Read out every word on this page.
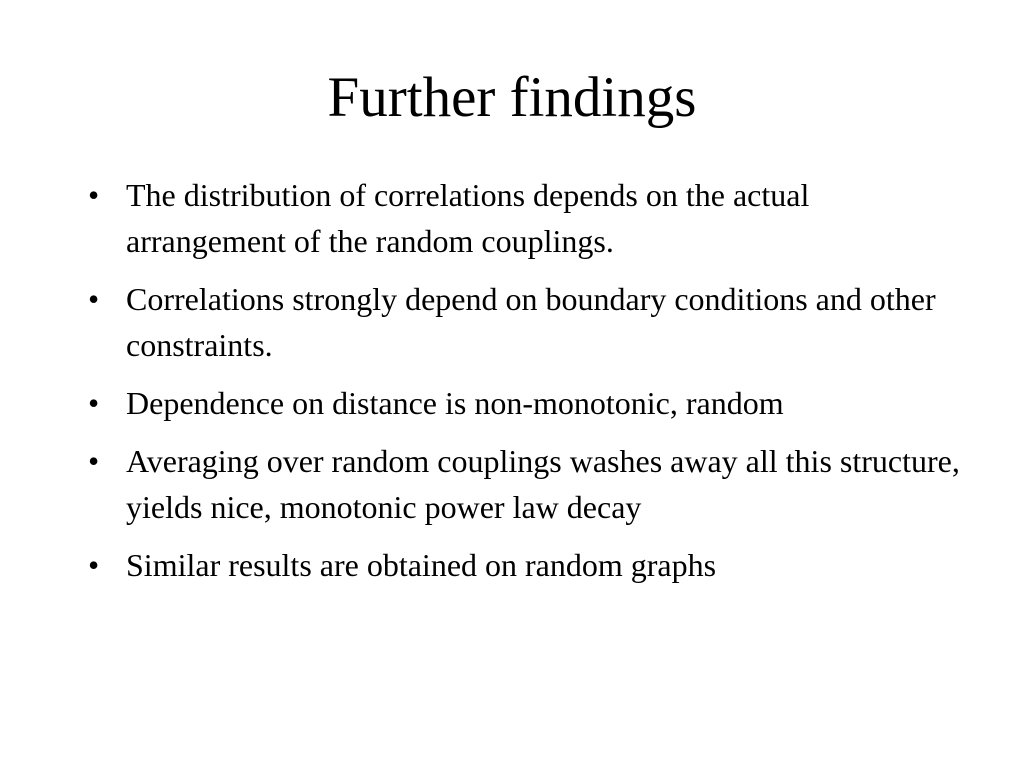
Further findings
• The distribution of correlations depends on the actual arrangement of the random couplings.
• Correlations strongly depend on boundary conditions and other constraints.
• Dependence on distance is non-monotonic, random
• Averaging over random couplings washes away all this structure, yields nice, monotonic power law decay
• Similar results are obtained on random graphs
